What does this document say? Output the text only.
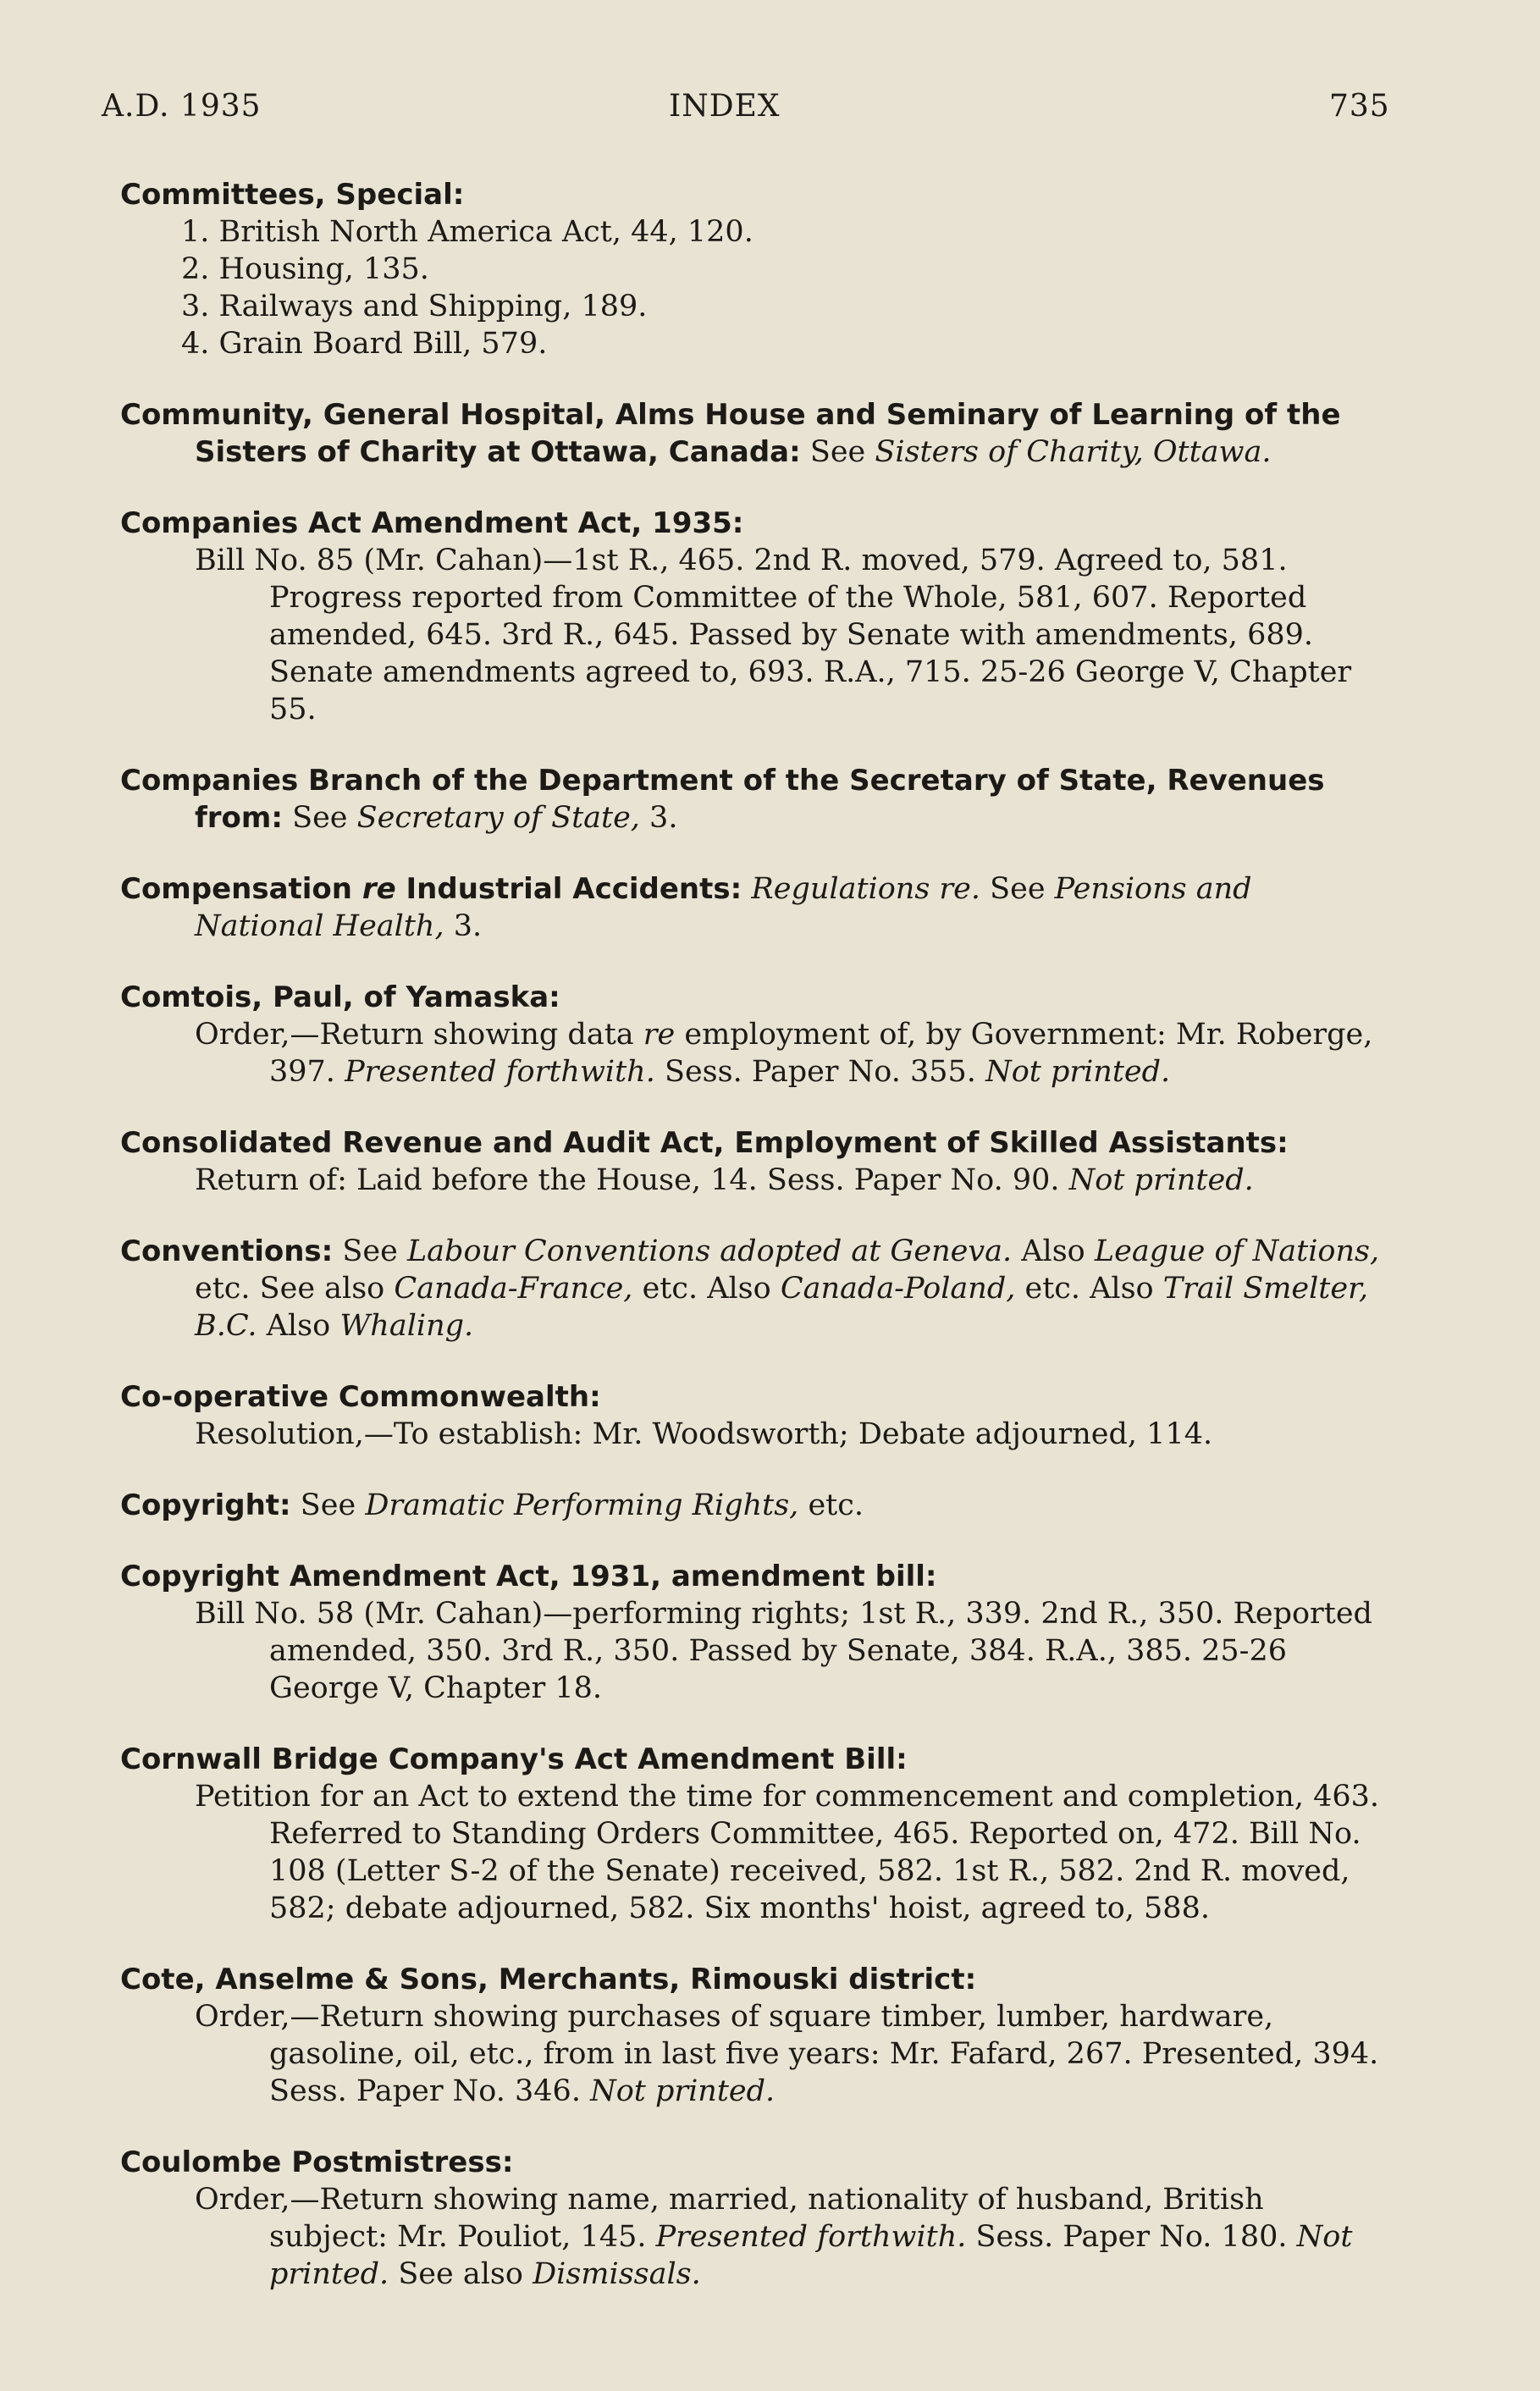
A.D. 1935	INDEX	735
Committees, Special:
1. British North America Act, 44, 120.
2. Housing, 135.
3. Railways and Shipping, 189.
4. Grain Board Bill, 579.
Community, General Hospital, Alms House and Seminary of Learning of the Sisters of Charity at Ottawa, Canada: See Sisters of Charity, Ottawa.
Companies Act Amendment Act, 1935:
Bill No. 85 (Mr. Cahan)—1st R., 465. 2nd R. moved, 579. Agreed to, 581. Progress reported from Committee of the Whole, 581, 607. Reported amended, 645. 3rd R., 645. Passed by Senate with amendments, 689. Senate amendments agreed to, 693. R.A., 715. 25-26 George V, Chapter 55.
Companies Branch of the Department of the Secretary of State, Revenues from: See Secretary of State, 3.
Compensation re Industrial Accidents: Regulations re. See Pensions and National Health, 3.
Comtois, Paul, of Yamaska:
Order,—Return showing data re employment of, by Government: Mr. Roberge, 397. Presented forthwith. Sess. Paper No. 355. Not printed.
Consolidated Revenue and Audit Act, Employment of Skilled Assistants:
Return of: Laid before the House, 14. Sess. Paper No. 90. Not printed.
Conventions: See Labour Conventions adopted at Geneva. Also League of Nations, etc. See also Canada-France, etc. Also Canada-Poland, etc. Also Trail Smelter, B.C. Also Whaling.
Co-operative Commonwealth:
Resolution,—To establish: Mr. Woodsworth; Debate adjourned, 114.
Copyright: See Dramatic Performing Rights, etc.
Copyright Amendment Act, 1931, amendment bill:
Bill No. 58 (Mr. Cahan)—performing rights; 1st R., 339. 2nd R., 350. Reported amended, 350. 3rd R., 350. Passed by Senate, 384. R.A., 385. 25-26 George V, Chapter 18.
Cornwall Bridge Company's Act Amendment Bill:
Petition for an Act to extend the time for commencement and completion, 463. Referred to Standing Orders Committee, 465. Reported on, 472. Bill No. 108 (Letter S-2 of the Senate) received, 582. 1st R., 582. 2nd R. moved, 582; debate adjourned, 582. Six months' hoist, agreed to, 588.
Cote, Anselme & Sons, Merchants, Rimouski district:
Order,—Return showing purchases of square timber, lumber, hardware, gasoline, oil, etc., from in last five years: Mr. Fafard, 267. Presented, 394. Sess. Paper No. 346. Not printed.
Coulombe Postmistress:
Order,—Return showing name, married, nationality of husband, British subject: Mr. Pouliot, 145. Presented forthwith. Sess. Paper No. 180. Not printed. See also Dismissals.
